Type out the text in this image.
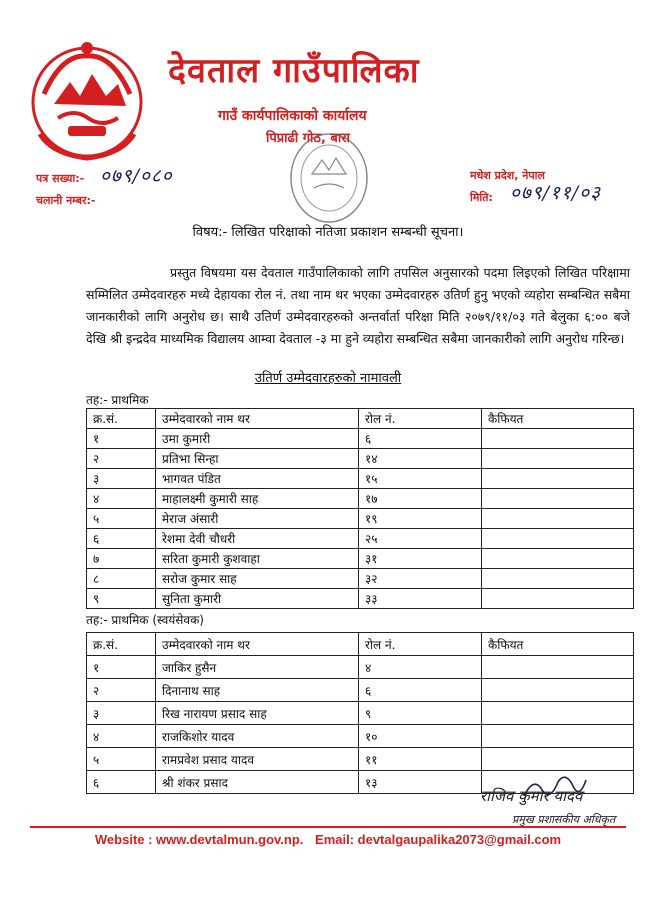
देवताल गाउँपालिका
गाउँ कार्यपालिकाको कार्यालय
पिप्राढी गोठ, बारा
पत्र सख्या:- ०७९/०८०
चलानी नम्बर:-
मधेश प्रदेश, नेपाल
मिति: ०७९/११/०३
विषय:- लिखित परिक्षाको नतिजा प्रकाशन सम्बन्धी सूचना।
प्रस्तुत विषयमा यस देवताल गाउँपालिकाको लागि तपसिल अनुसारको पदमा लिइएको लिखित परिक्षामा सम्मिलित उम्मेदवारहरु मध्ये देहायका रोल नं. तथा नाम थर भएका उम्मेदवारहरु उतिर्ण हुनु भएको व्यहोरा सम्बन्धित सबैमा जानकारीको लागि अनुरोध छ। साथै उतिर्ण उम्मेदवारहरुको अन्तर्वार्ता परिक्षा मिति २०७९/११/०३ गते बेलुका ६:०० बजे देखि श्री इन्द्रदेव माध्यमिक विद्यालय आम्वा देवताल -३ मा हुने व्यहोरा सम्बन्धित सबैमा जानकारीको लागि अनुरोध गरिन्छ।
उतिर्ण उम्मेदवारहरुको नामावली
तह:- प्राथमिक
क्र.सं.	उम्मेदवारको नाम थर	रोल नं.	कैफियत
१	उमा कुमारी	६	
२	प्रतिभा सिन्हा	१४	
३	भागवत पंडित	१५	
४	माहालक्ष्मी कुमारी साह	१७	
५	मेराज अंसारी	१९	
६	रेशमा देवी चौधरी	२५	
७	सरिता कुमारी कुशवाहा	३१	
८	सरोज कुमार साह	३२	
९	सुनिता कुमारी	३३	
तह:- प्राथमिक (स्वयंसेवक)
क्र.सं.	उम्मेदवारको नाम थर	रोल नं.	कैफियत
१	जाकिर हुसैन	४	
२	दिनानाथ साह	६	
३	रिख नारायण प्रसाद साह	९	
४	राजकिशोर यादव	१०	
५	रामप्रवेश प्रसाद यादव	११	
६	श्री शंकर प्रसाद	१३	
राजिव कुमार यादव
प्रमुख प्रशासकीय अधिकृत
Website : www.devtalmun.gov.np. Email: devtalgaupalika2073@gmail.com
